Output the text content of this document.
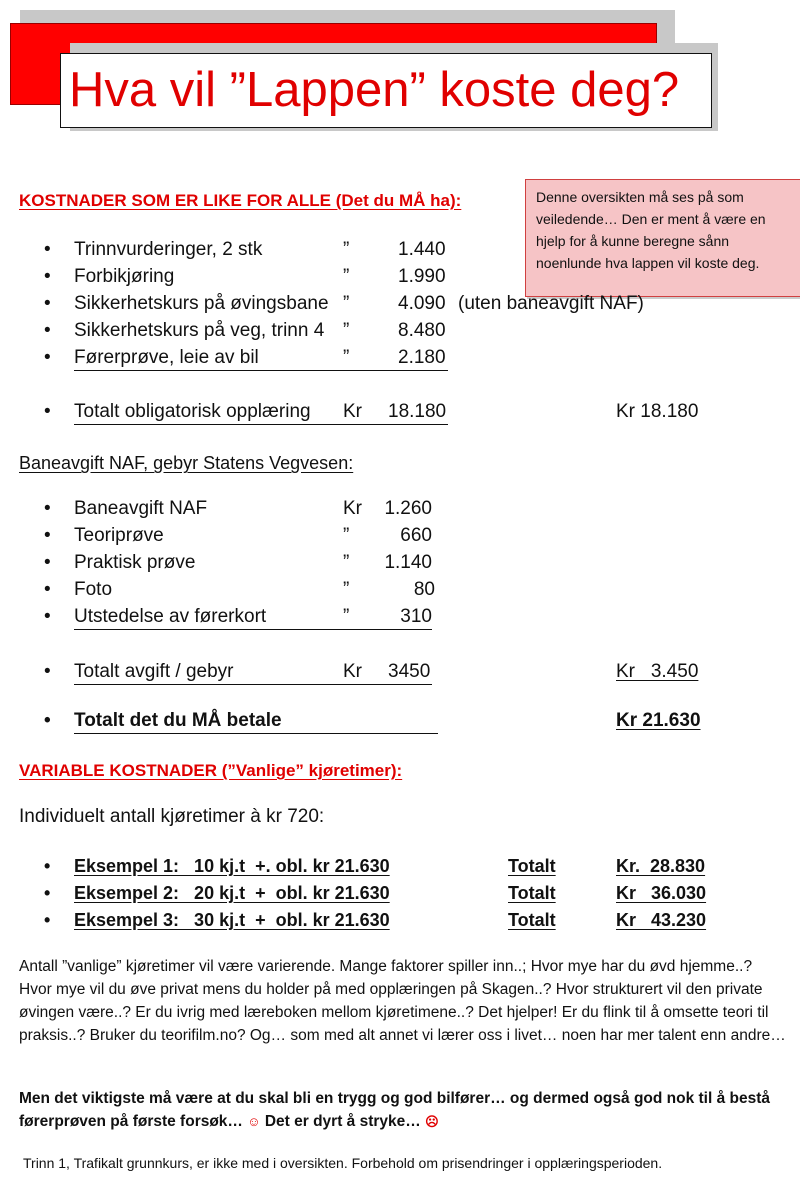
Hva vil ”Lappen” koste deg?
Denne oversikten må ses på som veiledende… Den er ment å være en hjelp for å kunne beregne sånn noenlunde hva lappen vil koste deg.
KOSTNADER SOM ER LIKE FOR ALLE (Det du MÅ ha):
• Trinnvurderinger, 2 stk	”	1.440
• Forbikjøring	”	1.990
• Sikkerhetskurs på øvingsbane ”	4.090 (uten baneavgift NAF)
• Sikkerhetskurs på veg, trinn 4 ”	8.480
• Førerprøve, leie av bil	”	2.180
• Totalt obligatorisk opplæring Kr 18.180	Kr 18.180
Baneavgift NAF, gebyr Statens Vegvesen:
• Baneavgift NAF	Kr	1.260
• Teoriprøve	”	660
• Praktisk prøve	”	1.140
• Foto	”	80
• Utstedelse av førerkort	”	310
• Totalt avgift / gebyr	Kr 3450	Kr   3.450
• Totalt det du MÅ betale	Kr 21.630
VARIABLE KOSTNADER (”Vanlige” kjøretimer):
Individuelt antall kjøretimer à kr 720:
• Eksempel 1:   10 kj.t  +. obl. kr 21.630	Totalt	Kr.  28.830
• Eksempel 2:   20 kj.t  +  obl. kr 21.630	Totalt	Kr   36.030
• Eksempel 3:   30 kj.t  +  obl. kr 21.630	Totalt	Kr   43.230
Antall ”vanlige” kjøretimer vil være varierende. Mange faktorer spiller inn..; Hvor mye har du øvd hjemme..? Hvor mye vil du øve privat mens du holder på med opplæringen på Skagen..? Hvor strukturert vil den private øvingen være..? Er du ivrig med læreboken mellom kjøretimene..? Det hjelper! Er du flink til å omsette teori til praksis..? Bruker du teorifilm.no? Og… som med alt annet vi lærer oss i livet… noen har mer talent enn andre…
Men det viktigste må være at du skal bli en trygg og god bilfører… og dermed også god nok til å bestå førerprøven på første forsøk… ☺ Det er dyrt å stryke… ☹
Trinn 1, Trafikalt grunnkurs, er ikke med i oversikten. Forbehold om prisendringer i opplæringsperioden.
